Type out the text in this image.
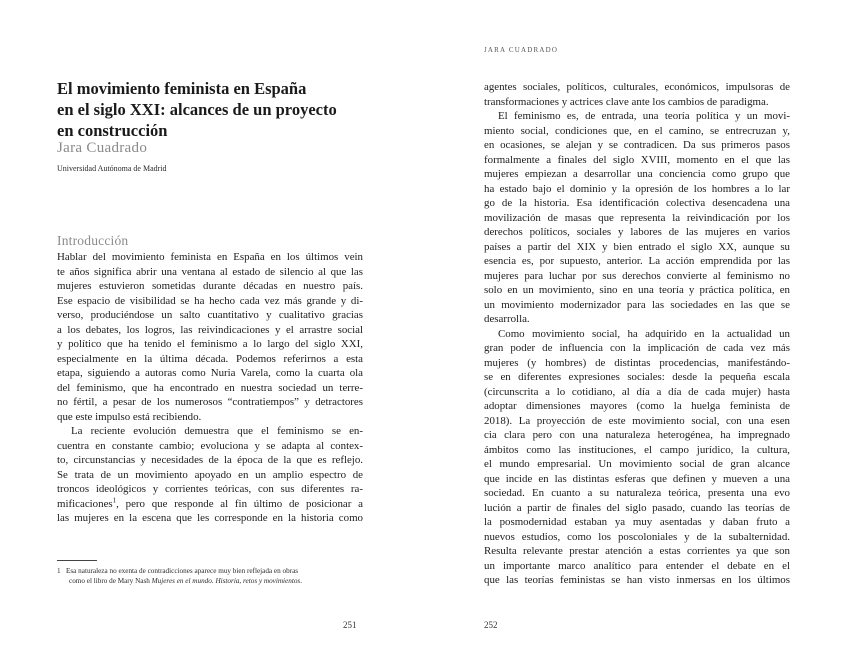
El movimiento feminista en España
en el siglo XXI: alcances de un proyecto
en construcción
Jara Cuadrado
Universidad Autónoma de Madrid
Introducción
Hablar del movimiento feminista en España en los últimos vein
te años significa abrir una ventana al estado de silencio al que las
mujeres estuvieron sometidas durante décadas en nuestro país.
Ese espacio de visibilidad se ha hecho cada vez más grande y di-
verso, produciéndose un salto cuantitativo y cualitativo gracias
a los debates, los logros, las reivindicaciones y el arrastre social
y político que ha tenido el feminismo a lo largo del siglo XXI,
especialmente en la última década. Podemos referirnos a esta
etapa, siguiendo a autoras como Nuria Varela, como la cuarta ola
del feminismo, que ha encontrado en nuestra sociedad un terre-
no fértil, a pesar de los numerosos “contratiempos” y detractores
que este impulso está recibiendo.
La reciente evolución demuestra que el feminismo se en-
cuentra en constante cambio; evoluciona y se adapta al contex-
to, circunstancias y necesidades de la época de la que es reflejo.
Se trata de un movimiento apoyado en un amplio espectro de
troncos ideológicos y corrientes teóricas, con sus diferentes ra-
mificaciones$^1$, pero que responde al fin último de posicionar a
las mujeres en la escena que les corresponde en la historia como
1 Esa naturaleza no exenta de contradicciones aparece muy bien reflejada en obras
como el libro de Mary Nash Mujeres en el mundo. Historia, retos y movimientos.
251
JARA CUADRADO
agentes sociales, políticos, culturales, económicos, impulsoras de
transformaciones y actrices clave ante los cambios de paradigma.
El feminismo es, de entrada, una teoría política y un movi-
miento social, condiciones que, en el camino, se entrecruzan y,
en ocasiones, se alejan y se contradicen. Da sus primeros pasos
formalmente a finales del siglo XVIII, momento en el que las
mujeres empiezan a desarrollar una conciencia como grupo que
ha estado bajo el dominio y la opresión de los hombres a lo lar
go de la historia. Esa identificación colectiva desencadena una
movilización de masas que representa la reivindicación por los
derechos políticos, sociales y labores de las mujeres en varios
países a partir del XIX y bien entrado el siglo XX, aunque su
esencia es, por supuesto, anterior. La acción emprendida por las
mujeres para luchar por sus derechos convierte al feminismo no
solo en un movimiento, sino en una teoría y práctica política, en
un movimiento modernizador para las sociedades en las que se
desarrolla.
Como movimiento social, ha adquirido en la actualidad un
gran poder de influencia con la implicación de cada vez más
mujeres (y hombres) de distintas procedencias, manifestándo-
se en diferentes expresiones sociales: desde la pequeña escala
(circunscrita a lo cotidiano, al día a día de cada mujer) hasta
adoptar dimensiones mayores (como la huelga feminista de
2018). La proyección de este movimiento social, con una esen
cia clara pero con una naturaleza heterogénea, ha impregnado
ámbitos como las instituciones, el campo jurídico, la cultura,
el mundo empresarial. Un movimiento social de gran alcance
que incide en las distintas esferas que definen y mueven a una
sociedad. En cuanto a su naturaleza teórica, presenta una evo
lución a partir de finales del siglo pasado, cuando las teorías de
la posmodernidad estaban ya muy asentadas y daban fruto a
nuevos estudios, como los poscoloniales y de la subalternidad.
Resulta relevante prestar atención a estas corrientes ya que son
un importante marco analítico para entender el debate en el
que las teorías feministas se han visto inmersas en los últimos
252
